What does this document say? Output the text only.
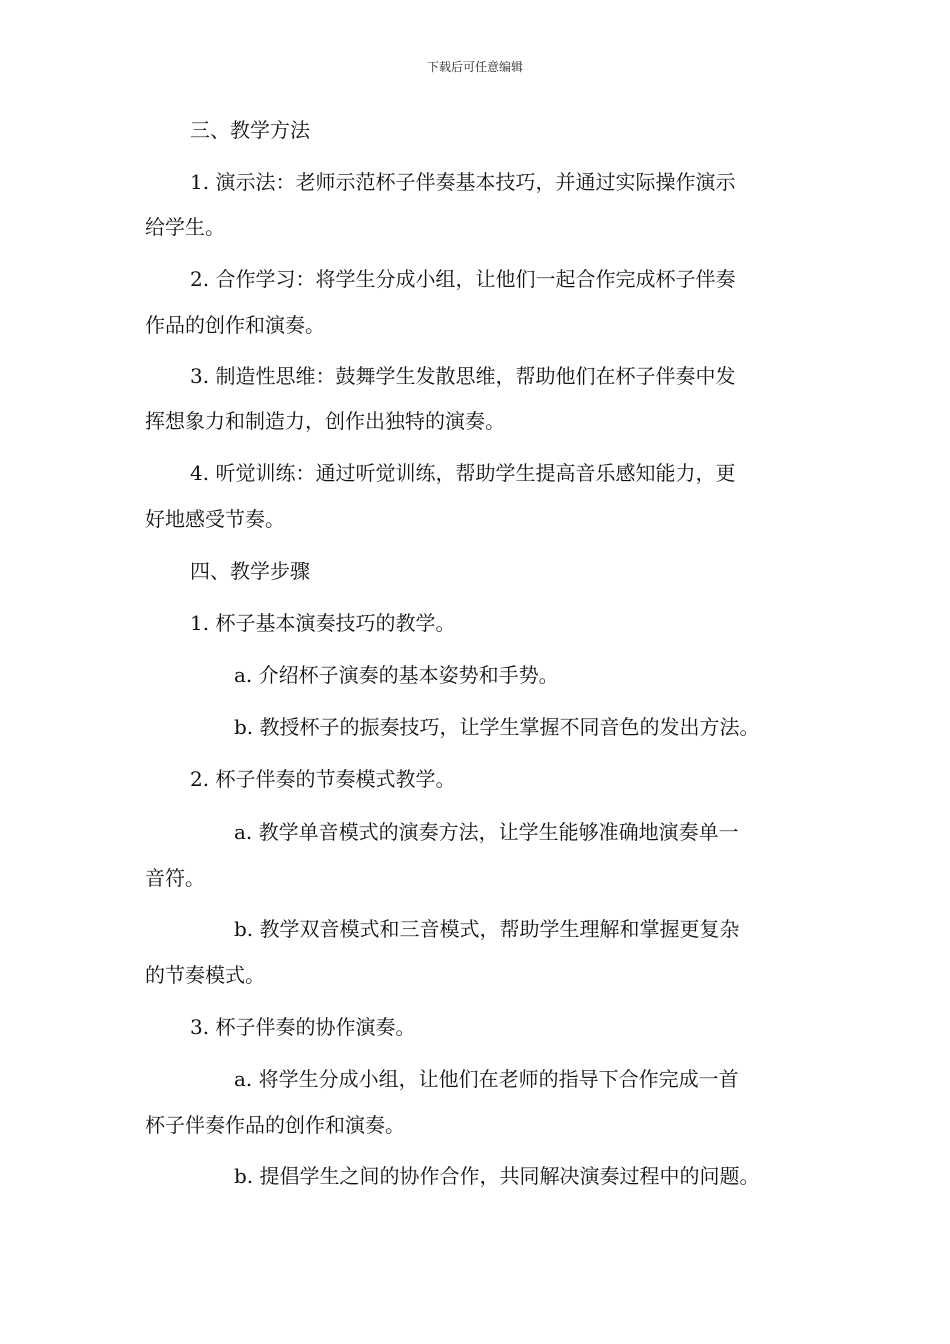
下载后可任意编辑
三、教学方法
1. 演示法：老师示范杯子伴奏基本技巧，并通过实际操作演示
给学生。
2. 合作学习：将学生分成小组，让他们一起合作完成杯子伴奏
作品的创作和演奏。
3. 制造性思维：鼓舞学生发散思维，帮助他们在杯子伴奏中发
挥想象力和制造力，创作出独特的演奏。
4. 听觉训练：通过听觉训练，帮助学生提高音乐感知能力，更
好地感受节奏。
四、教学步骤
1. 杯子基本演奏技巧的教学。
a. 介绍杯子演奏的基本姿势和手势。
b. 教授杯子的振奏技巧，让学生掌握不同音色的发出方法。
2. 杯子伴奏的节奏模式教学。
a. 教学单音模式的演奏方法，让学生能够准确地演奏单一
音符。
b. 教学双音模式和三音模式，帮助学生理解和掌握更复杂
的节奏模式。
3. 杯子伴奏的协作演奏。
a. 将学生分成小组，让他们在老师的指导下合作完成一首
杯子伴奏作品的创作和演奏。
b. 提倡学生之间的协作合作，共同解决演奏过程中的问题。
